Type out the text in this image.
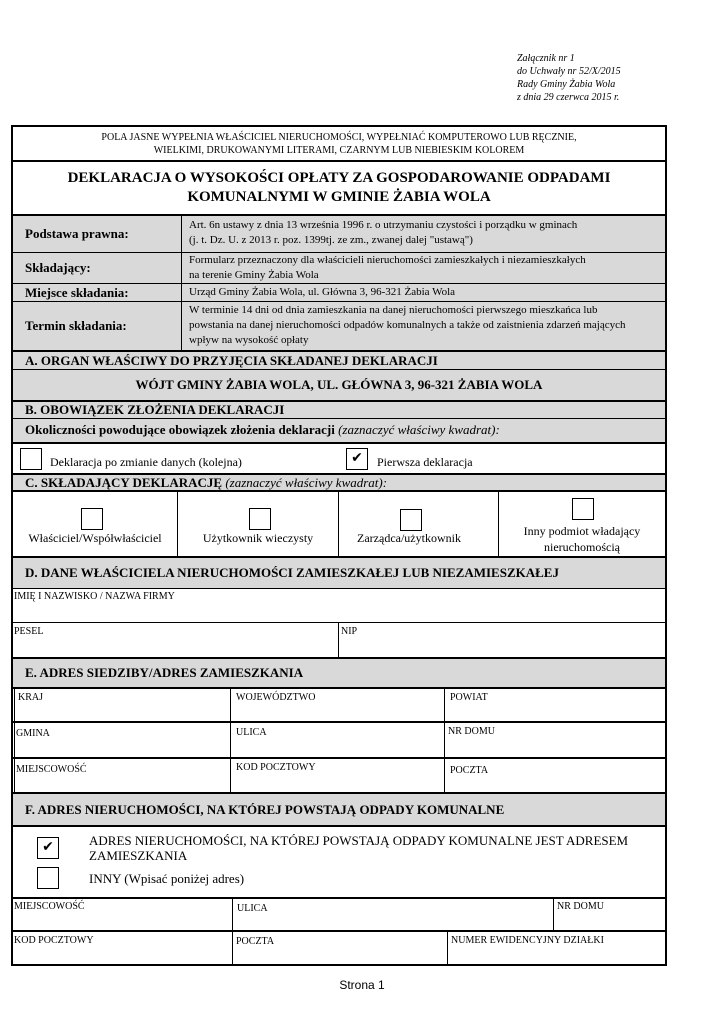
Załącznik nr 1
do Uchwały nr 52/X/2015
Rady Gminy Żabia Wola
z dnia 29 czerwca 2015 r.
POLA JASNE WYPEŁNIA WŁAŚCICIEL NIERUCHOMOŚCI, WYPEŁNIAĆ KOMPUTEROWO LUB RĘCZNIE,
WIELKIMI, DRUKOWANYMI LITERAMI, CZARNYM LUB NIEBIESKIM KOLOREM
DEKLARACJA O WYSOKOŚCI OPŁATY ZA GOSPODAROWANIE ODPADAMI
KOMUNALNYMI W GMINIE ŻABIA WOLA
Podstawa prawna:
Art. 6n ustawy z dnia 13 września 1996 r. o utrzymaniu czystości i porządku w gminach
(j. t. Dz. U. z 2013 r. poz. 1399tj. ze zm., zwanej dalej "ustawą")
Składający:	Formularz przeznaczony dla właścicieli nieruchomości zamieszkałych i niezamieszkałych
na terenie Gminy Żabia Wola
Miejsce składania:	Urząd Gminy Żabia Wola, ul. Główna 3, 96-321 Żabia Wola
Termin składania:
W terminie 14 dni od dnia zamieszkania na danej nieruchomości pierwszego mieszkańca lub
powstania na danej nieruchomości odpadów komunalnych a także od zaistnienia zdarzeń mających
wpływ na wysokość opłaty
A. ORGAN WŁAŚCIWY DO PRZYJĘCIA SKŁADANEJ DEKLARACJI
WÓJT GMINY ŻABIA WOLA, UL. GŁÓWNA 3, 96-321 ŻABIA WOLA
B. OBOWIĄZEK ZŁOŻENIA DEKLARACJI
Okoliczności powodujące obowiązek złożenia deklaracji (zaznaczyć właściwy kwadrat):
Deklaracja po zmianie danych (kolejna)	✔	Pierwsza deklaracja
C. SKŁADAJĄCY DEKLARACJĘ (zaznaczyć właściwy kwadrat):
Właściciel/Współwłaściciel	Użytkownik wieczysty	Zarządca/użytkownik	Inny podmiot władający
nieruchomością
D. DANE WŁAŚCICIELA NIERUCHOMOŚCI ZAMIESZKAŁEJ LUB NIEZAMIESZKAŁEJ
IMIĘ I NAZWISKO / NAZWA FIRMY
PESEL	NIP
E. ADRES SIEDZIBY/ADRES ZAMIESZKANIA
KRAJ	WOJEWÓDZTWO	POWIAT
GMINA	ULICA	NR DOMU
MIEJSCOWOŚĆ	KOD POCZTOWY	POCZTA
F. ADRES NIERUCHOMOŚCI, NA KTÓREJ POWSTAJĄ ODPADY KOMUNALNE
✔	ADRES NIERUCHOMOŚCI, NA KTÓREJ POWSTAJĄ ODPADY KOMUNALNE JEST ADRESEM
ZAMIESZKANIA
INNY (Wpisać poniżej adres)
MIEJSCOWOŚĆ	ULICA	NR DOMU
KOD POCZTOWY	POCZTA	NUMER EWIDENCYJNY DZIAŁKI
Strona 1
